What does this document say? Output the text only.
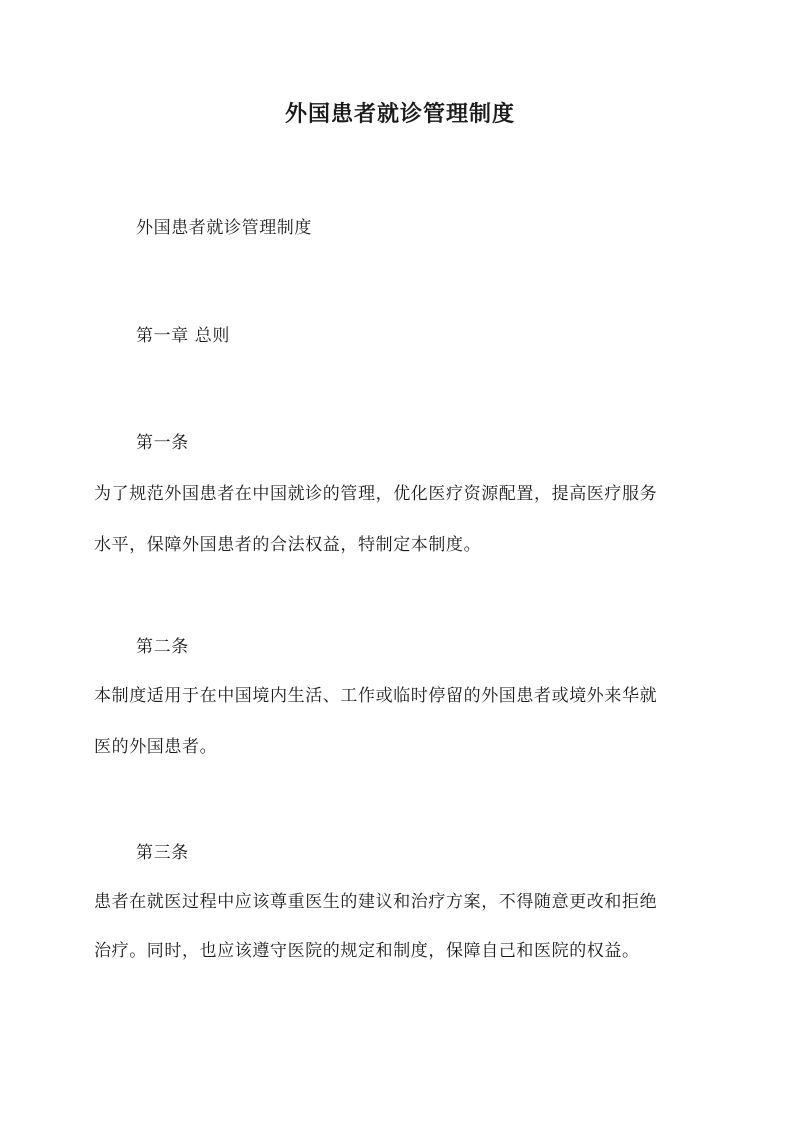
外国患者就诊管理制度
外国患者就诊管理制度
第一章 总则
第一条
为了规范外国患者在中国就诊的管理，优化医疗资源配置，提高医疗服务
水平，保障外国患者的合法权益，特制定本制度。
第二条
本制度适用于在中国境内生活、工作或临时停留的外国患者或境外来华就
医的外国患者。
第三条
患者在就医过程中应该尊重医生的建议和治疗方案，不得随意更改和拒绝
治疗。同时，也应该遵守医院的规定和制度，保障自己和医院的权益。
